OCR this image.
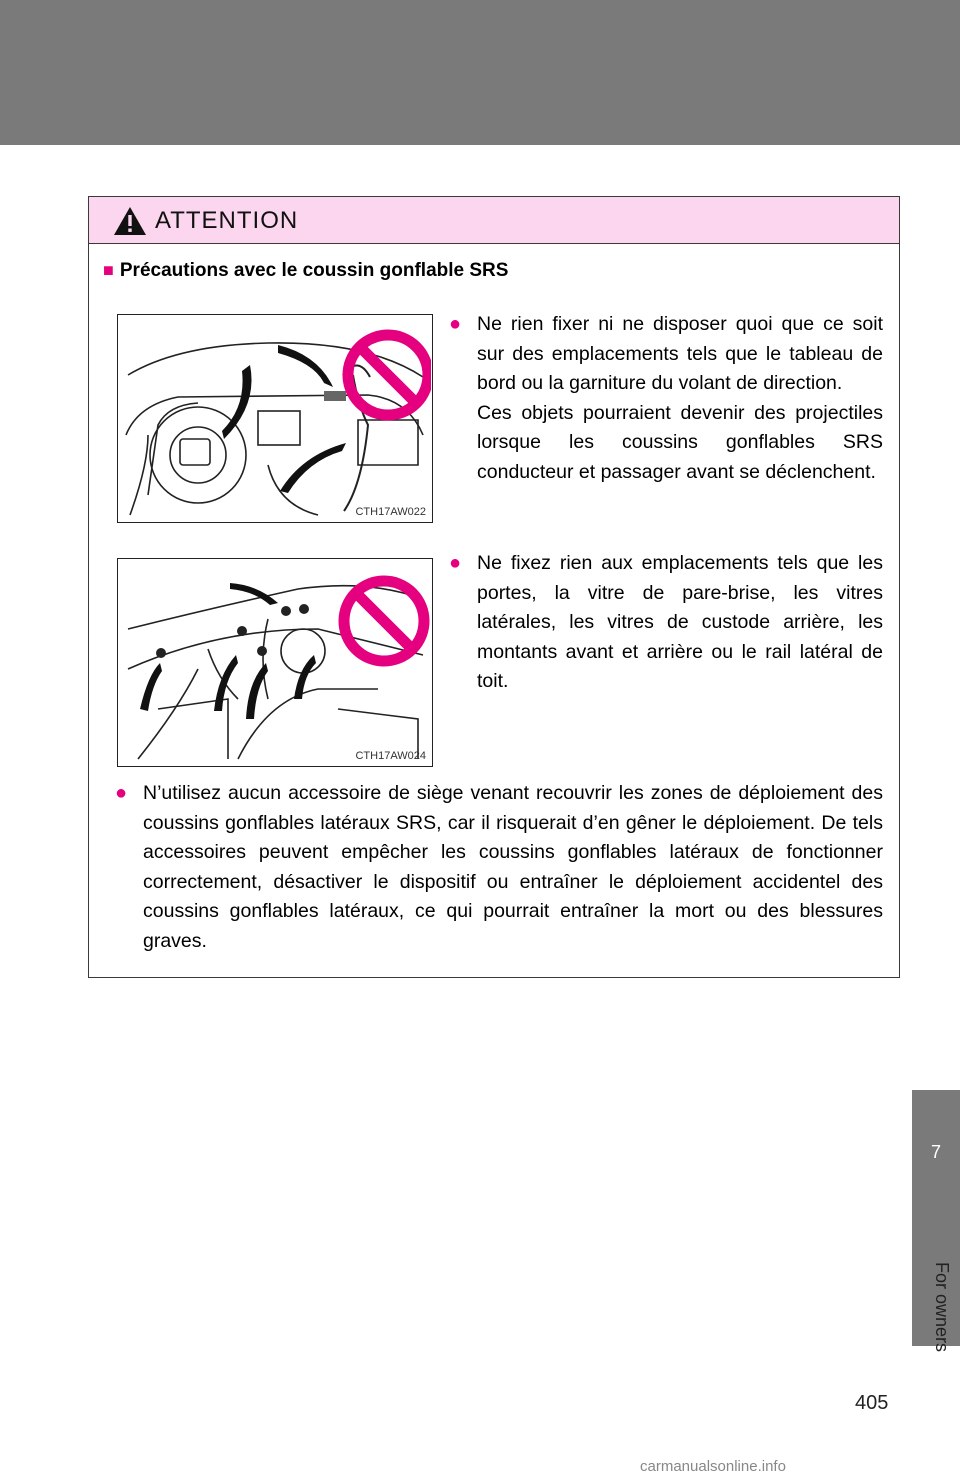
ATTENTION
■ Précautions avec le coussin gonflable SRS
CTH17AW022
CTH17AW024
● Ne rien fixer ni ne disposer quoi que ce soit sur des emplacements tels que le tableau de bord ou la garniture du volant de direction.
Ces objets pourraient devenir des projectiles lorsque les coussins gonflables SRS conducteur et passager avant se déclenchent.
● Ne fixez rien aux emplacements tels que les portes, la vitre de pare-brise, les vitres latérales, les vitres de custode arrière, les montants avant et arrière ou le rail latéral de toit.
● N’utilisez aucun accessoire de siège venant recouvrir les zones de déploiement des coussins gonflables latéraux SRS, car il risquerait d’en gêner le déploiement. De tels accessoires peuvent empêcher les coussins gonflables latéraux de fonctionner correctement, désactiver le dispositif ou entraîner le déploiement accidentel des coussins gonflables latéraux, ce qui pourrait entraîner la mort ou des blessures graves.
7
For owners
405
carmanualsonline.info
